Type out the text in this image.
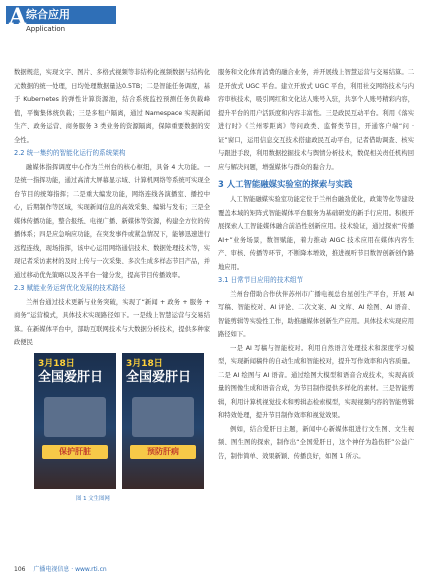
A 综合应用
Application

数据规范，实现文字、图片、多格式视频等非结构化视频数据与结构化元数据的统一处理，日均处理数据量达0.5TB；二是智能任务调度，基于 Kubernetes 的弹性计算资源池，结合系统监控预测任务负载峰值，平衡集体统负载；三是多租户隔离，通过 Namespace 实现新闻生产、政务运营、商务服务 3 类业务的资源隔离，保障重要数据的安全性。

2.2 统一集约的智能化运行的系统架构

融媒体指挥调度中心作为兰州台的核心枢纽，具备 4 大功能。一是统一指挥功能，通过高清大屏幕显示域、计算机网络等系统可实现全台节目的统筹指挥；二是重大编发功能，网络连线各演播室、播控中心，后期制作等区域，实现新闻信息的高效采集、编辑与发布；三是全媒体传播功能，整合报纸、电视广播、新媒体等资源，构建全方位的传播体系；四是应急响应功能，在突发事件或紧急情况下，能够迅速进行远程连线，现场指挥，该中心运用网络通信技术、数据处理技术等，实现记者采访素材的及时上传与一次采集、多次生成多样态节目产品，并通过移动优先策略以及各平台一键分发，提高节目传播效率。

2.3 赋能业务运营优化发展的技术路径

兰州台通过技术更新与业务突破，实现了“新闻 + 政务 + 服务 + 商务”运营模式，具体技术实现路径如下。一是线上智慧运营与交易结算。在新媒体平台中，部助互联网技术与大数据分析技术，提供多种家政便民

3月18日
全国爱肝日
保护肝脏
3月18日
全国爱肝日
预防肝病
图 1 文生图网

服务和文化体育消费的融合业务，并开展线上智慧运营与交易结算。二是开放式 UGC 平台。建立开放式 UGC 平台，利用社交网络技术与内容审核技术，吸引网红和文化达人账号入驻，共享个人账号精彩内容，提升平台的用户活跃度和内容丰富性。三是政民互动平台。利用《落实进行时》《兰州零距离》等问政类、监督类节目，开通客户端“问 · 证”窗口，运用信息交互技术搭建政民互动平台，记者借助调查、核实与跟进手段，利用数据挖掘技术与舆情分析技术，数促相关责任机构回应与解决问题，增强媒体与群众的黏合力。

3 人工智能融媒实验室的探索与实践

人工智能融媒实验室功能定位于兰州台融劲优化，政策等化等建设覆盖本域的矩阵式智能媒体平台服务为基础研发的新手行应用。积极开展探索人工智能媒体融合前沿性创新应用。技术验证，通过探索“传播 AI+”业务场景，数智赋能，着力推动 AIGC 技术应用在媒体内容生产、审核、传播等环节，不断降本增效，推进视听节目数智创新创作路地应用。

3.1 日常节目应用的技术组节

兰州台借助合作伙伴苏州市广播电视总台星创生产平台，开展 AI 写稿、智能校对、AI 评论、二次文案、AI 文库、AI 绘图、AI 语音、智能剪辑等实验性工作，助推融媒体创新生产应用。具体技术实现应用路径如下。

一是 AI 写稿与智能校对。利用自然语言处理技术和深度学习模型，实现新闻稿件的自动生成和智能校对，提升写作效率和内容质量。二是 AI 绘图与 AI 语音。通过绘图大模型和语音合成技术，实现高质量的图像生成和语音合成，为节目制作提供多样化的素材。三是智能剪辑，利用计算机视觉技术和剪辑态检索模型，实现视频内容的智能剪辑和特效处理，提升节目制作效率和视觉效果。

例如，结合爱肝日主题，新闻中心新媒体组进行文生图、文生视频、图生图的探索，制作出“全国爱肝日，这个神仔为趋伤肝”公益广告，制作简单、效果新颖、传播良好，如图 1 所示。

106 广播电视信息 · www.rti.cn
